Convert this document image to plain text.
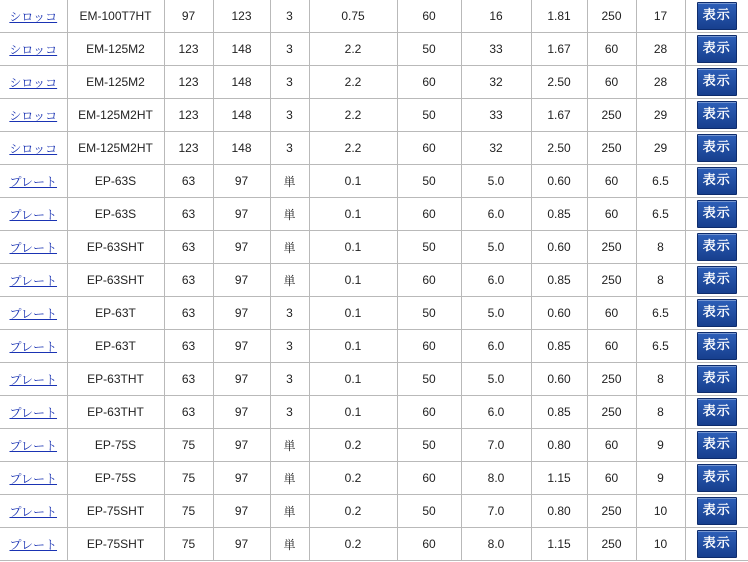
シロッコ	EM-100T7HT	97	123	3	0.75	60	16	1.81	250	17	表示
シロッコ	EM-125M2	123	148	3	2.2	50	33	1.67	60	28	表示
シロッコ	EM-125M2	123	148	3	2.2	60	32	2.50	60	28	表示
シロッコ	EM-125M2HT	123	148	3	2.2	50	33	1.67	250	29	表示
シロッコ	EM-125M2HT	123	148	3	2.2	60	32	2.50	250	29	表示
プレート	EP-63S	63	97	単	0.1	50	5.0	0.60	60	6.5	表示
プレート	EP-63S	63	97	単	0.1	60	6.0	0.85	60	6.5	表示
プレート	EP-63SHT	63	97	単	0.1	50	5.0	0.60	250	8	表示
プレート	EP-63SHT	63	97	単	0.1	60	6.0	0.85	250	8	表示
プレート	EP-63T	63	97	3	0.1	50	5.0	0.60	60	6.5	表示
プレート	EP-63T	63	97	3	0.1	60	6.0	0.85	60	6.5	表示
プレート	EP-63THT	63	97	3	0.1	50	5.0	0.60	250	8	表示
プレート	EP-63THT	63	97	3	0.1	60	6.0	0.85	250	8	表示
プレート	EP-75S	75	97	単	0.2	50	7.0	0.80	60	9	表示
プレート	EP-75S	75	97	単	0.2	60	8.0	1.15	60	9	表示
プレート	EP-75SHT	75	97	単	0.2	50	7.0	0.80	250	10	表示
プレート	EP-75SHT	75	97	単	0.2	60	8.0	1.15	250	10	表示
